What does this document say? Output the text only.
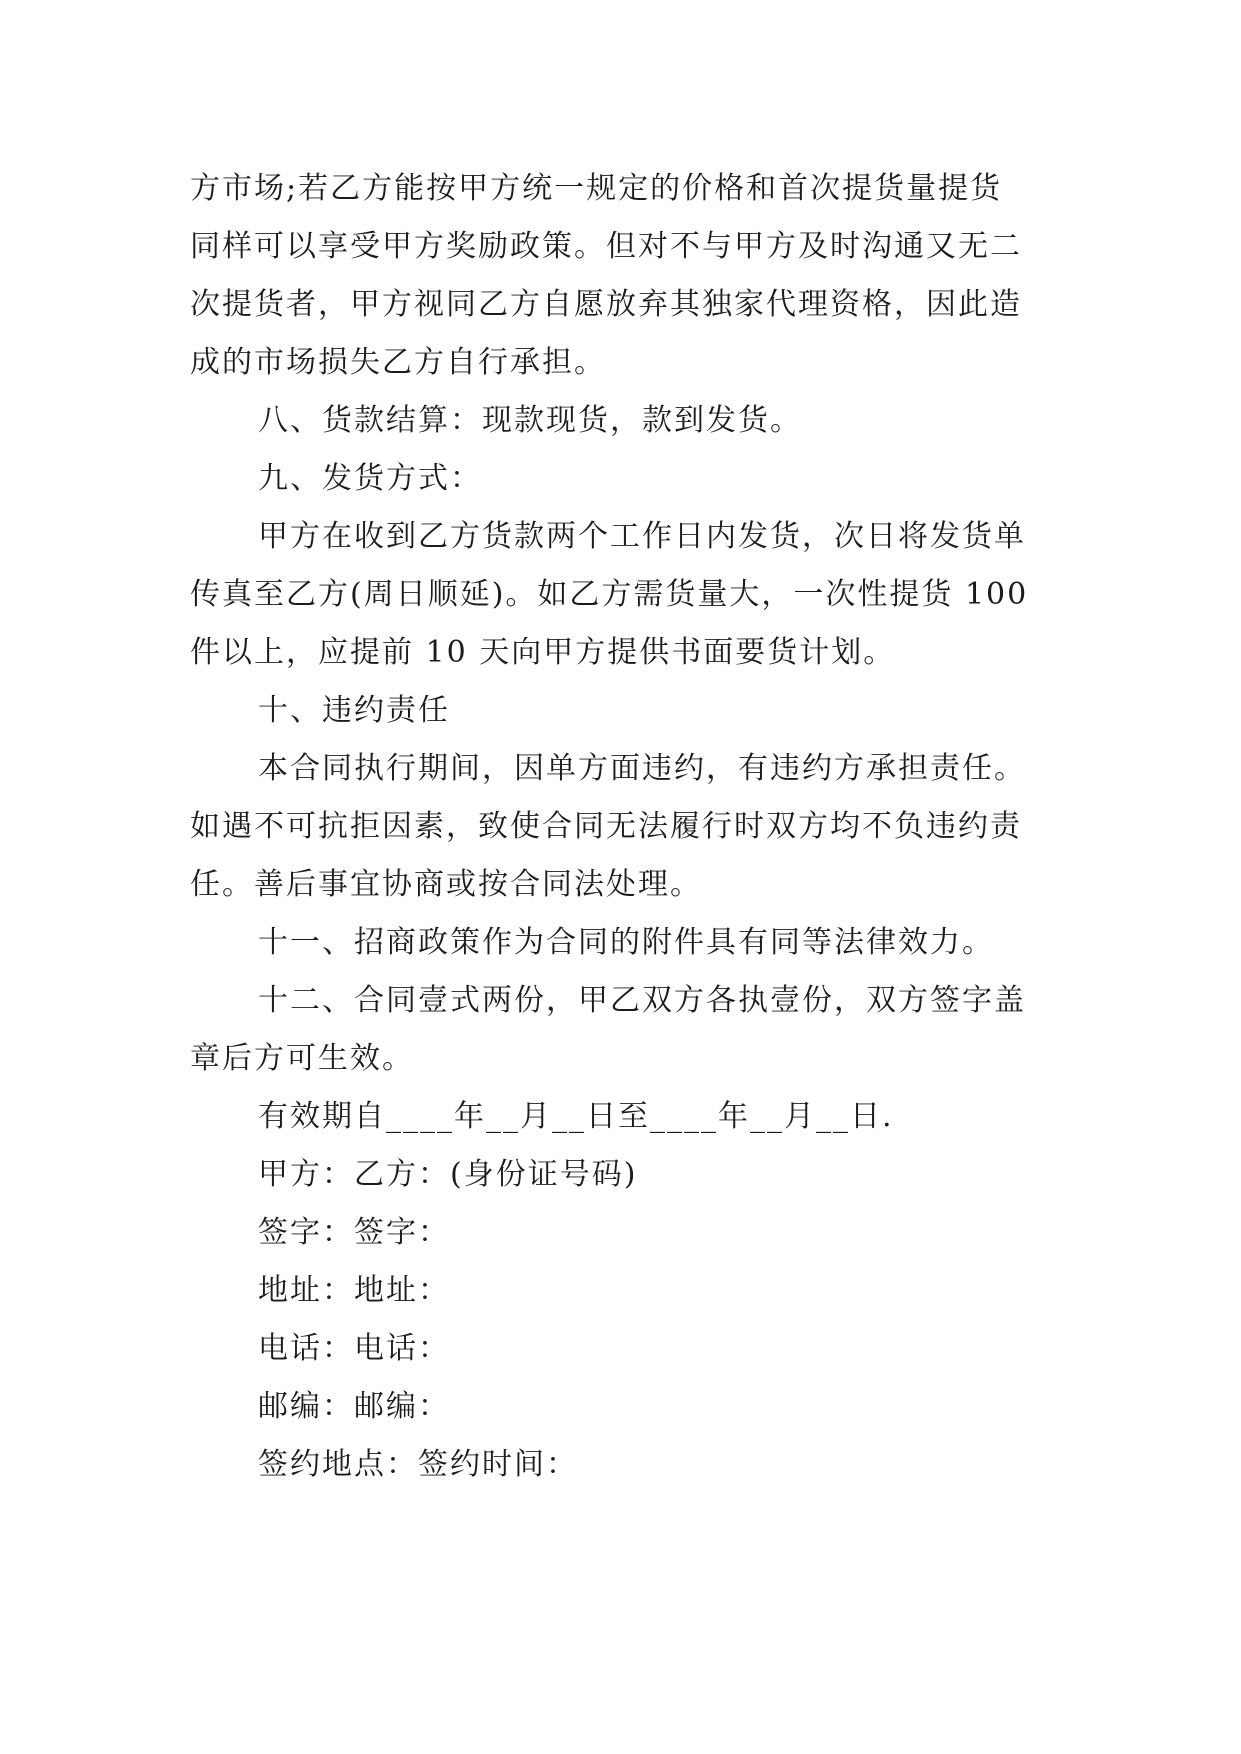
方市场;若乙方能按甲方统一规定的价格和首次提货量提货
同样可以享受甲方奖励政策。但对不与甲方及时沟通又无二
次提货者，甲方视同乙方自愿放弃其独家代理资格，因此造
成的市场损失乙方自行承担。
八、货款结算：现款现货，款到发货。
九、发货方式：
甲方在收到乙方货款两个工作日内发货，次日将发货单
传真至乙方(周日顺延)。如乙方需货量大，一次性提货 100
件以上，应提前 10 天向甲方提供书面要货计划。
十、违约责任
本合同执行期间，因单方面违约，有违约方承担责任。
如遇不可抗拒因素，致使合同无法履行时双方均不负违约责
任。善后事宜协商或按合同法处理。
十一、招商政策作为合同的附件具有同等法律效力。
十二、合同壹式两份，甲乙双方各执壹份，双方签字盖
章后方可生效。
有效期自____年__月__日至____年__月__日.
甲方：乙方：(身份证号码)
签字：签字：
地址：地址：
电话：电话：
邮编：邮编：
签约地点：签约时间：
